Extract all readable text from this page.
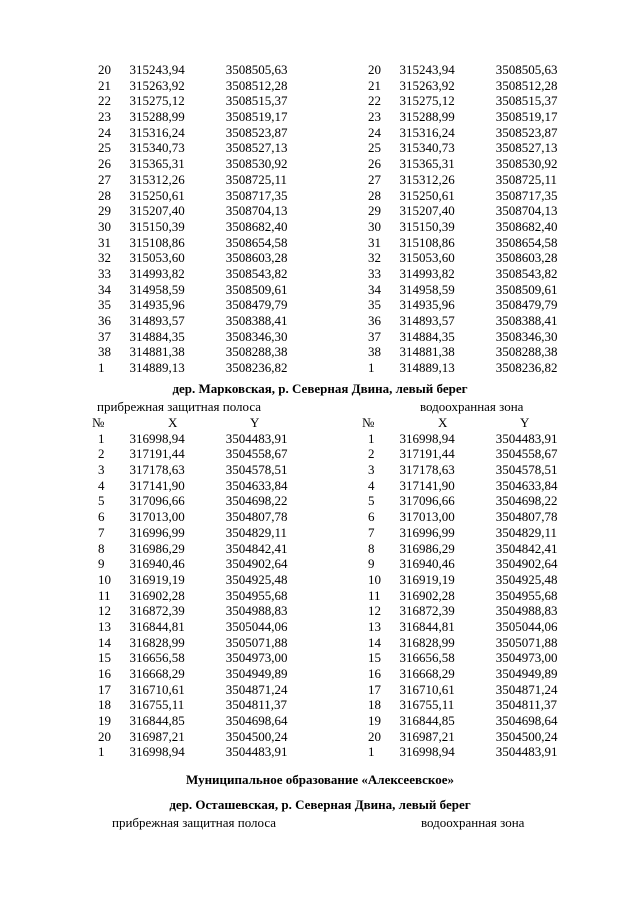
20	315243,94	3508505,63
21	315263,92	3508512,28
22	315275,12	3508515,37
23	315288,99	3508519,17
24	315316,24	3508523,87
25	315340,73	3508527,13
26	315365,31	3508530,92
27	315312,26	3508725,11
28	315250,61	3508717,35
29	315207,40	3508704,13
30	315150,39	3508682,40
31	315108,86	3508654,58
32	315053,60	3508603,28
33	314993,82	3508543,82
34	314958,59	3508509,61
35	314935,96	3508479,79
36	314893,57	3508388,41
37	314884,35	3508346,30
38	314881,38	3508288,38
1	314889,13	3508236,82
20	315243,94	3508505,63
21	315263,92	3508512,28
22	315275,12	3508515,37
23	315288,99	3508519,17
24	315316,24	3508523,87
25	315340,73	3508527,13
26	315365,31	3508530,92
27	315312,26	3508725,11
28	315250,61	3508717,35
29	315207,40	3508704,13
30	315150,39	3508682,40
31	315108,86	3508654,58
32	315053,60	3508603,28
33	314993,82	3508543,82
34	314958,59	3508509,61
35	314935,96	3508479,79
36	314893,57	3508388,41
37	314884,35	3508346,30
38	314881,38	3508288,38
1	314889,13	3508236,82
дер. Марковская, р. Северная Двина, левый берег
прибрежная защитная полоса	водоохранная зона
№	X	Y
1	316998,94	3504483,91
2	317191,44	3504558,67
3	317178,63	3504578,51
4	317141,90	3504633,84
5	317096,66	3504698,22
6	317013,00	3504807,78
7	316996,99	3504829,11
8	316986,29	3504842,41
9	316940,46	3504902,64
10	316919,19	3504925,48
11	316902,28	3504955,68
12	316872,39	3504988,83
13	316844,81	3505044,06
14	316828,99	3505071,88
15	316656,58	3504973,00
16	316668,29	3504949,89
17	316710,61	3504871,24
18	316755,11	3504811,37
19	316844,85	3504698,64
20	316987,21	3504500,24
1	316998,94	3504483,91
№	X	Y
1	316998,94	3504483,91
2	317191,44	3504558,67
3	317178,63	3504578,51
4	317141,90	3504633,84
5	317096,66	3504698,22
6	317013,00	3504807,78
7	316996,99	3504829,11
8	316986,29	3504842,41
9	316940,46	3504902,64
10	316919,19	3504925,48
11	316902,28	3504955,68
12	316872,39	3504988,83
13	316844,81	3505044,06
14	316828,99	3505071,88
15	316656,58	3504973,00
16	316668,29	3504949,89
17	316710,61	3504871,24
18	316755,11	3504811,37
19	316844,85	3504698,64
20	316987,21	3504500,24
1	316998,94	3504483,91
Муниципальное образование «Алексеевское»
дер. Осташевская, р. Северная Двина, левый берег
прибрежная защитная полоса	водоохранная зона
